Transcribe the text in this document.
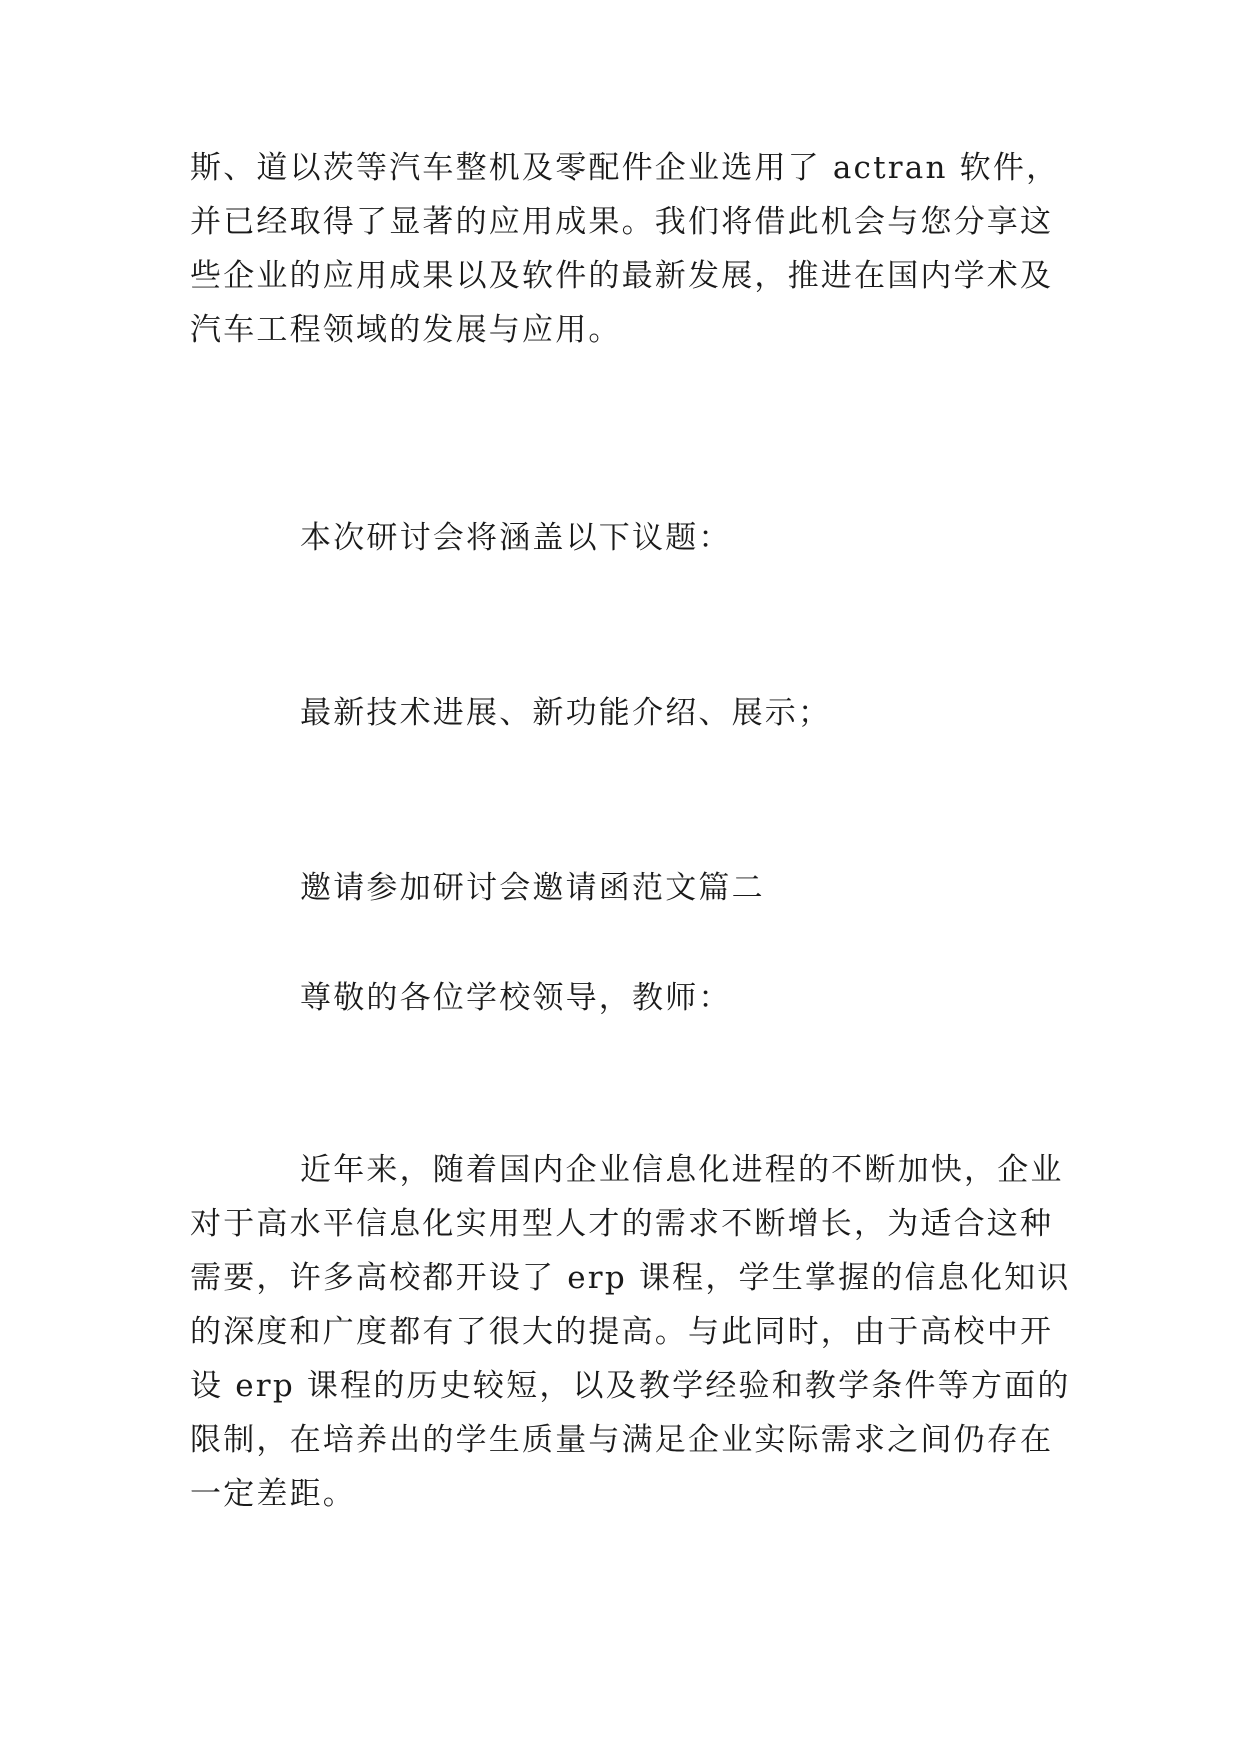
斯、道以茨等汽车整机及零配件企业选用了 actran 软件，
并已经取得了显著的应用成果。我们将借此机会与您分享这
些企业的应用成果以及软件的最新发展，推进在国内学术及
汽车工程领域的发展与应用。
本次研讨会将涵盖以下议题：
最新技术进展、新功能介绍、展示；
邀请参加研讨会邀请函范文篇二
尊敬的各位学校领导，教师：
近年来，随着国内企业信息化进程的不断加快，企业
对于高水平信息化实用型人才的需求不断增长，为适合这种
需要，许多高校都开设了 erp 课程，学生掌握的信息化知识
的深度和广度都有了很大的提高。与此同时，由于高校中开
设 erp 课程的历史较短，以及教学经验和教学条件等方面的
限制，在培养出的学生质量与满足企业实际需求之间仍存在
一定差距。
